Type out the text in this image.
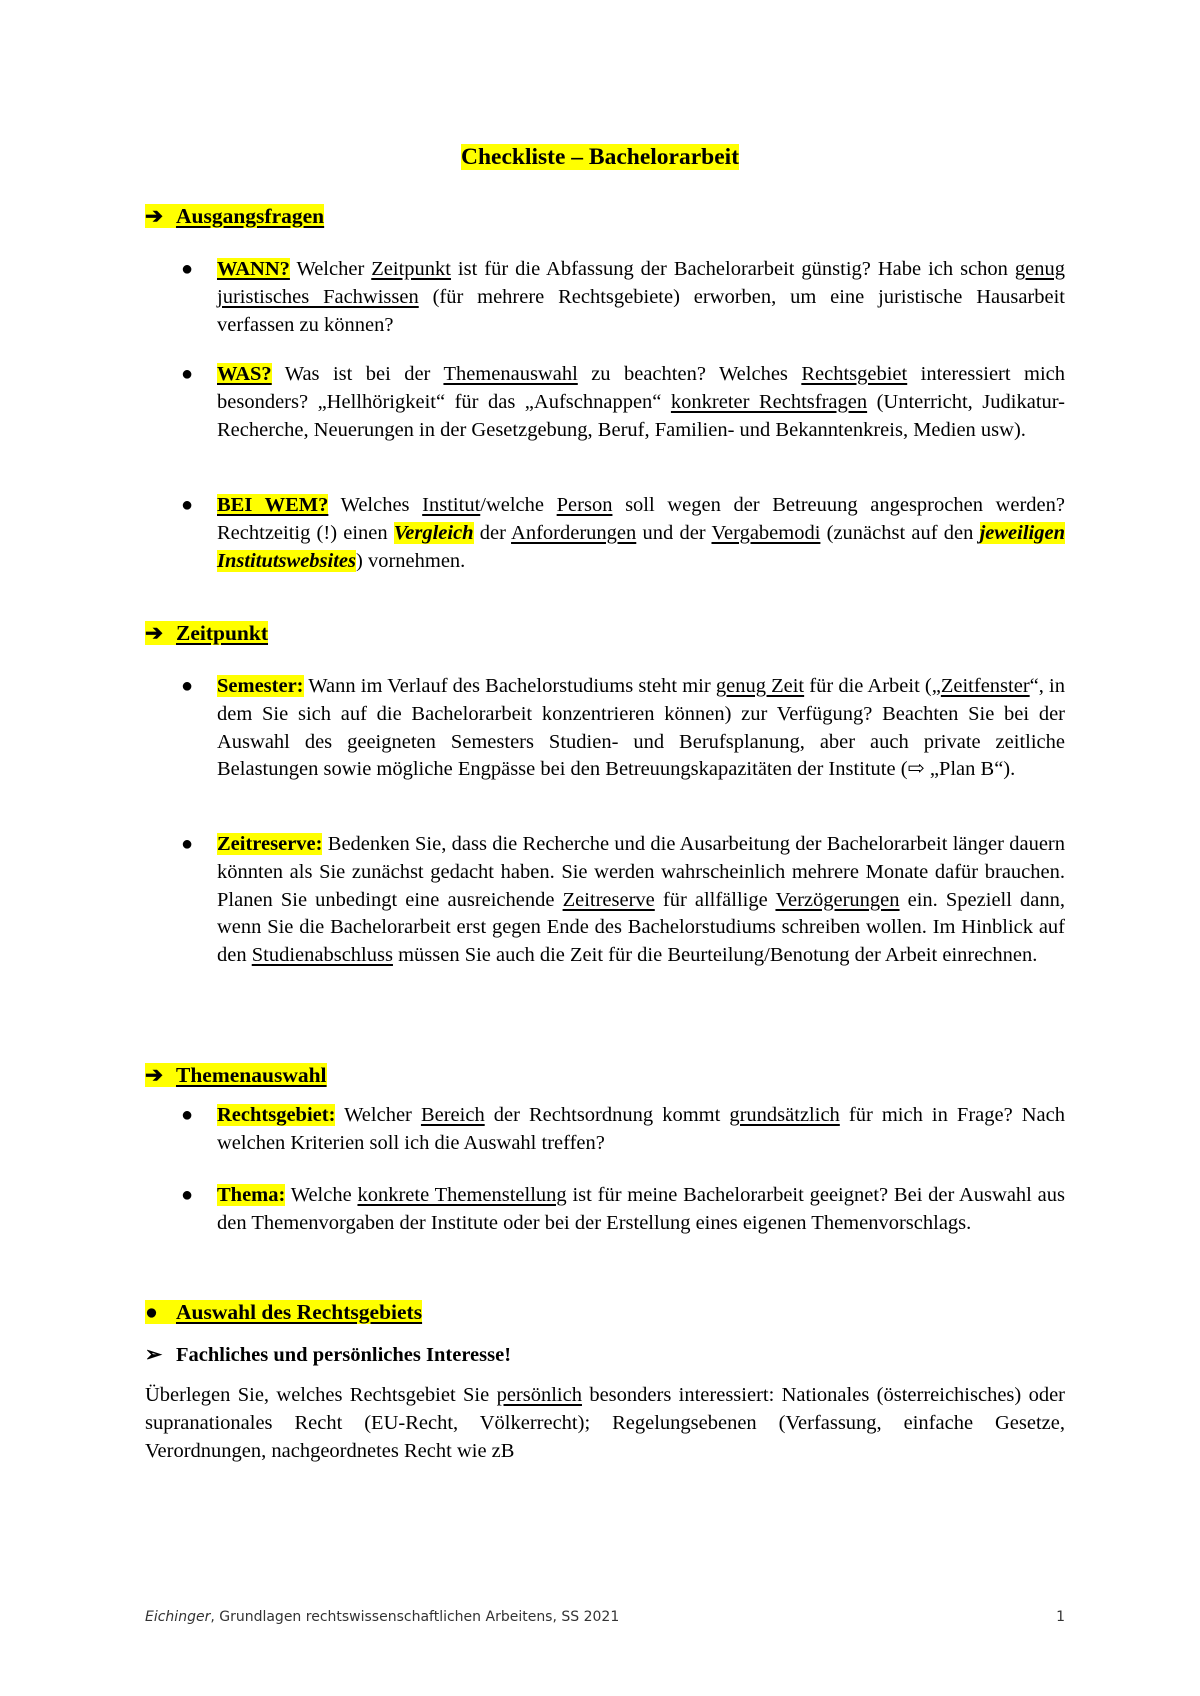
Checkliste – Bachelorarbeit
➔ Ausgangsfragen
● WANN? Welcher Zeitpunkt ist für die Abfassung der Bachelorarbeit günstig? Habe ich schon genug juristisches Fachwissen (für mehrere Rechtsgebiete) erworben, um eine juristische Hausarbeit verfassen zu können?
● WAS? Was ist bei der Themenauswahl zu beachten? Welches Rechtsgebiet interessiert mich besonders? „Hellhörigkeit“ für das „Aufschnappen“ konkreter Rechtsfragen (Unterricht, Judikatur-Recherche, Neuerungen in der Gesetzgebung, Beruf, Familien- und Bekanntenkreis, Medien usw).
● BEI WEM? Welches Institut/welche Person soll wegen der Betreuung angesprochen werden? Rechtzeitig (!) einen Vergleich der Anforderungen und der Vergabemodi (zunächst auf den jeweiligen Institutswebsites) vornehmen.
➔ Zeitpunkt
● Semester: Wann im Verlauf des Bachelorstudiums steht mir genug Zeit für die Arbeit („Zeitfenster“, in dem Sie sich auf die Bachelorarbeit konzentrieren können) zur Verfügung? Beachten Sie bei der Auswahl des geeigneten Semesters Studien- und Berufsplanung, aber auch private zeitliche Belastungen sowie mögliche Engpässe bei den Betreuungskapazitäten der Institute (⇨ „Plan B“).
● Zeitreserve: Bedenken Sie, dass die Recherche und die Ausarbeitung der Bachelorarbeit länger dauern könnten als Sie zunächst gedacht haben. Sie werden wahrscheinlich mehrere Monate dafür brauchen. Planen Sie unbedingt eine ausreichende Zeitreserve für allfällige Verzögerungen ein. Speziell dann, wenn Sie die Bachelorarbeit erst gegen Ende des Bachelorstudiums schreiben wollen. Im Hinblick auf den Studienabschluss müssen Sie auch die Zeit für die Beurteilung/Benotung der Arbeit einrechnen.
➔ Themenauswahl
● Rechtsgebiet: Welcher Bereich der Rechtsordnung kommt grundsätzlich für mich in Frage? Nach welchen Kriterien soll ich die Auswahl treffen?
● Thema: Welche konkrete Themenstellung ist für meine Bachelorarbeit geeignet? Bei der Auswahl aus den Themenvorgaben der Institute oder bei der Erstellung eines eigenen Themenvorschlags.
● Auswahl des Rechtsgebiets
➢ Fachliches und persönliches Interesse!
Überlegen Sie, welches Rechtsgebiet Sie persönlich besonders interessiert: Nationales (österreichisches) oder supranationales Recht (EU-Recht, Völkerrecht); Regelungsebenen (Verfassung, einfache Gesetze, Verordnungen, nachgeordnetes Recht wie zB
Eichinger, Grundlagen rechtswissenschaftlichen Arbeitens, SS 2021	1
